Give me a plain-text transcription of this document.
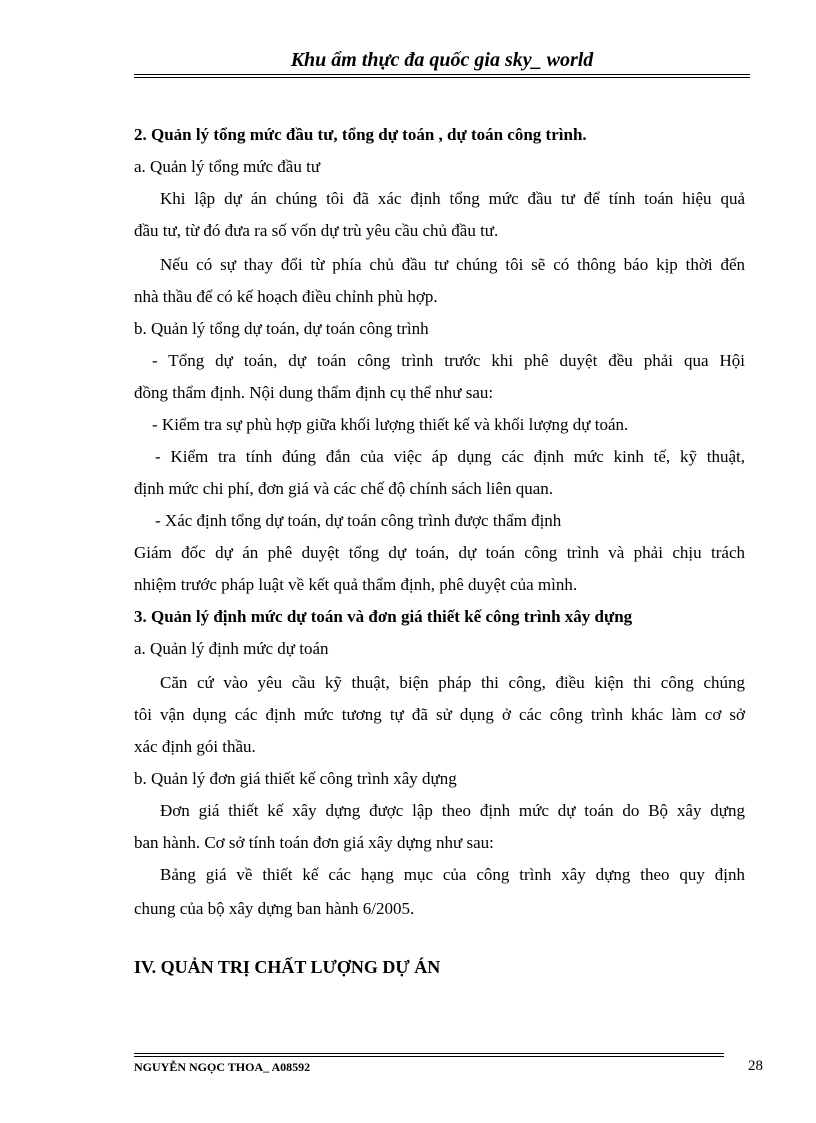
Khu ẩm thực đa quốc gia sky_ world
2. Quản lý tổng mức đầu tư, tổng dự toán , dự toán công trình.
a. Quản lý tổng mức đầu tư
Khi lập dự án chúng tôi đã xác định tổng mức đầu tư để tính toán hiệu quả
đầu tư, từ đó đưa ra số vốn dự trù yêu cầu chủ đầu tư.
Nếu có sự thay đổi từ phía chủ đầu tư chúng tôi sẽ có thông báo kịp thời đến
nhà thầu để có kế hoạch điều chỉnh phù hợp.
b. Quản lý tổng dự toán, dự toán công trình
- Tổng dự toán, dự toán công trình trước khi phê duyệt đều phải qua Hội
đồng thẩm định. Nội dung thẩm định cụ thể như sau:
- Kiểm tra sự phù hợp giữa khối lượng thiết kế và khối lượng dự toán.
- Kiểm tra tính đúng đắn của việc áp dụng các định mức kinh tế, kỹ thuật,
định mức chi phí, đơn giá và các chế độ chính sách liên quan.
- Xác định tổng dự toán, dự toán công trình được thẩm định
Giám đốc dự án phê duyệt tổng dự toán, dự toán công trình và phải chịu trách
nhiệm trước pháp luật về kết quả thẩm định, phê duyệt của mình.
3. Quản lý định mức dự toán và đơn giá thiết kế công trình xây dựng
a. Quản lý định mức dự toán
Căn cứ vào yêu cầu kỹ thuật, biện pháp thi công, điều kiện thi công chúng
tôi vận dụng các định mức tương tự đã sử dụng ở các công trình khác làm cơ sở
xác định gói thầu.
b. Quản lý đơn giá thiết kế công trình xây dựng
Đơn giá thiết kế xây dựng được lập theo định mức dự toán do Bộ xây dựng
ban hành. Cơ sở tính toán đơn giá xây dựng như sau:
Bảng giá về thiết kế các hạng mục của công trình xây dựng theo quy định
chung của bộ xây dựng ban hành 6/2005.
IV. QUẢN TRỊ CHẤT LƯỢNG DỰ ÁN
NGUYỄN NGỌC THOA_ A08592	28
